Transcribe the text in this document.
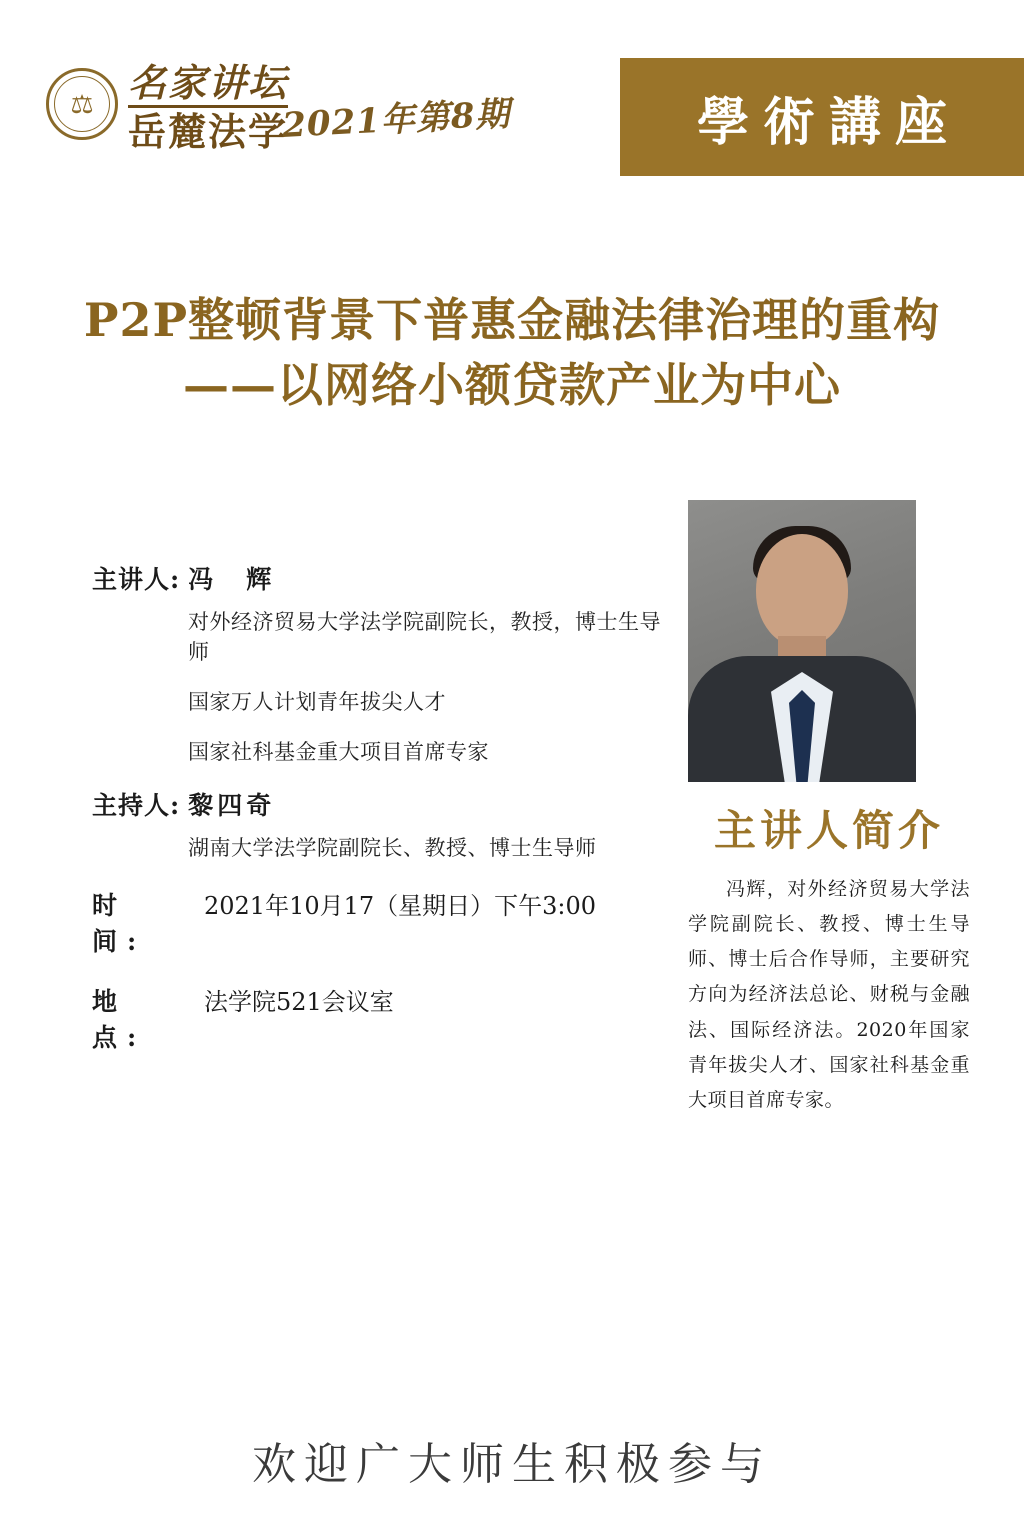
⚖ 名家讲坛
岳麓法学
2021年第8期	學術講座
P2P整顿背景下普惠金融法律治理的重构
——以网络小额贷款产业为中心
主讲人: 冯　辉
对外经济贸易大学法学院副院长，教授，博士生导师
国家万人计划青年拔尖人才
国家社科基金重大项目首席专家
主持人: 黎四奇
湖南大学法学院副院长、教授、博士生导师
时　间:
2021年10月17（星期日）下午3:00
地　点:
法学院521会议室
主讲人简介
冯辉，对外经济贸易大学法学院副院长、教授、博士生导师、博士后合作导师，主要研究方向为经济法总论、财税与金融法、国际经济法。2020年国家青年拔尖人才、国家社科基金重大项目首席专家。
欢迎广大师生积极参与
